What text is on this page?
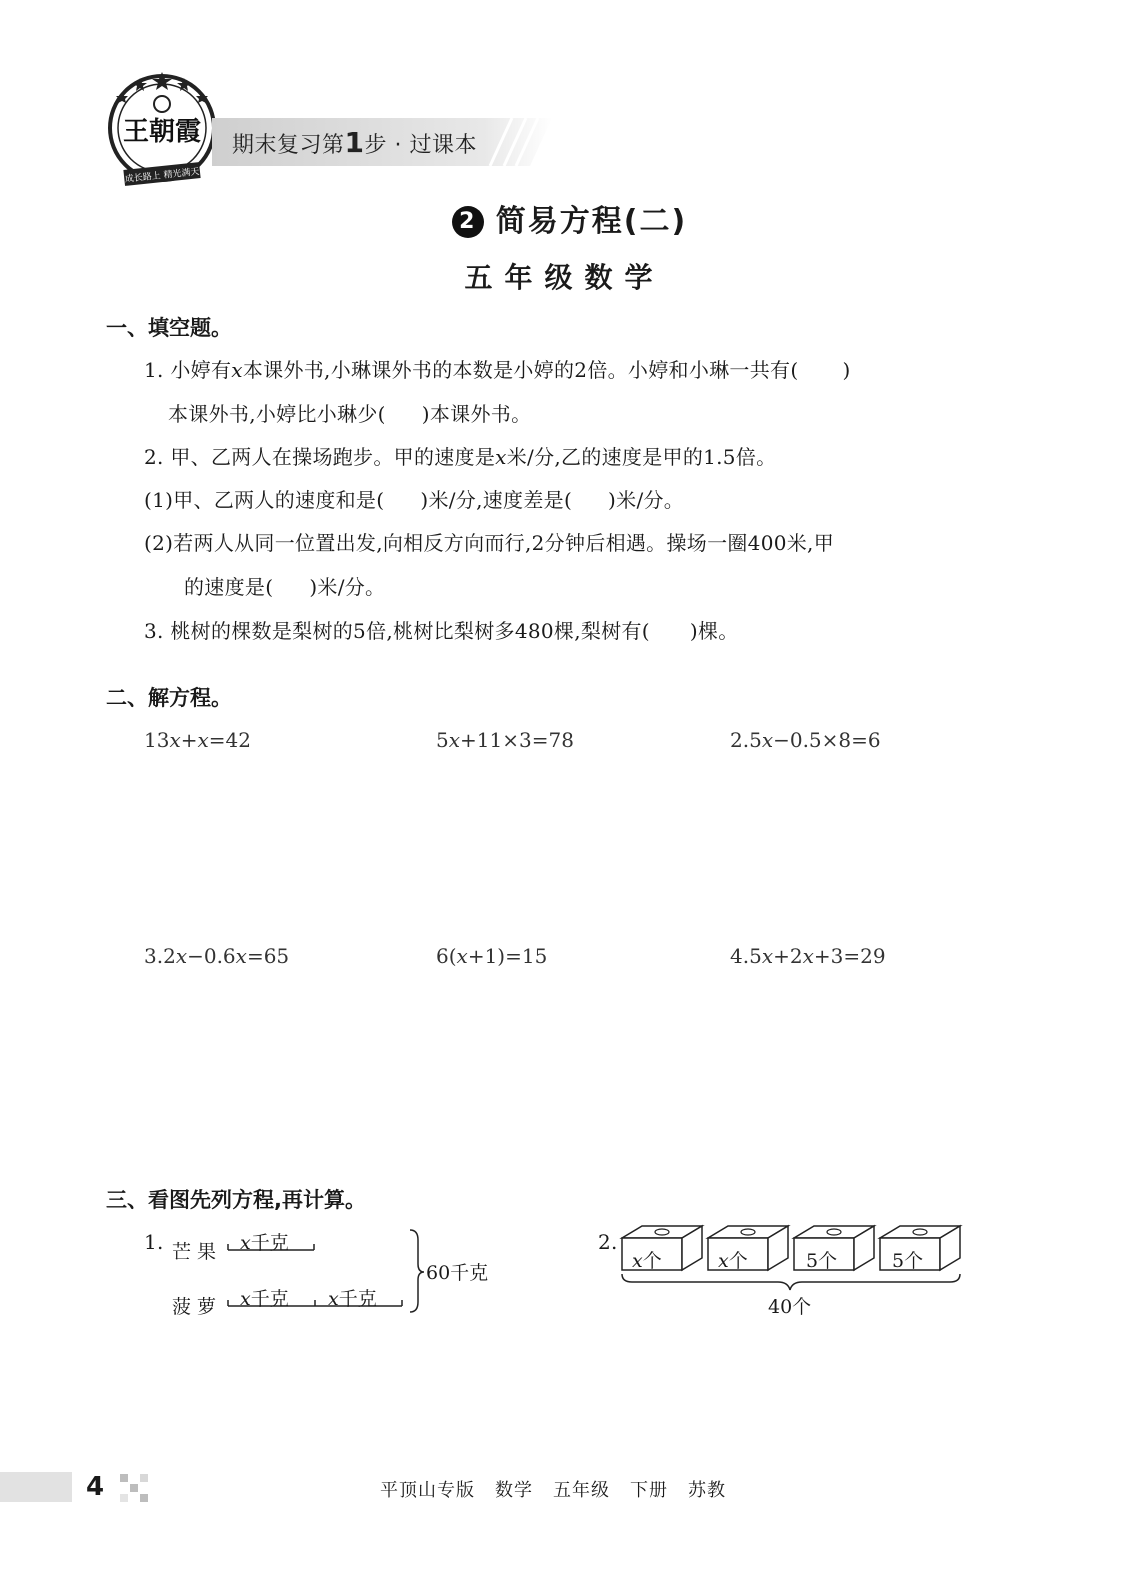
王朝霞
成长路上 精光满天
期末复习第1步 · 过课本
2 简易方程(二)
五年级数学
一、填空题。
1. 小婷有x本课外书,小琳课外书的本数是小婷的2倍。小婷和小琳一共有( )
本课外书,小婷比小琳少( )本课外书。
2. 甲、乙两人在操场跑步。甲的速度是x米/分,乙的速度是甲的1.5倍。
(1)甲、乙两人的速度和是( )米/分,速度差是( )米/分。
(2)若两人从同一位置出发,向相反方向而行,2分钟后相遇。操场一圈400米,甲
的速度是( )米/分。
3. 桃树的棵数是梨树的5倍,桃树比梨树多480棵,梨树有( )棵。
二、解方程。
13x+x=42	5x+11×3=78	2.5x−0.5×8=6
3.2x−0.6x=65	6(x+1)=15	4.5x+2x+3=29
三、看图先列方程,再计算。
1. 芒果
菠萝
x千克
x千克 x千克
60千克
2.
x个	x个	5个	5个
40个
4	平顶山专版 数学 五年级 下册 苏教
